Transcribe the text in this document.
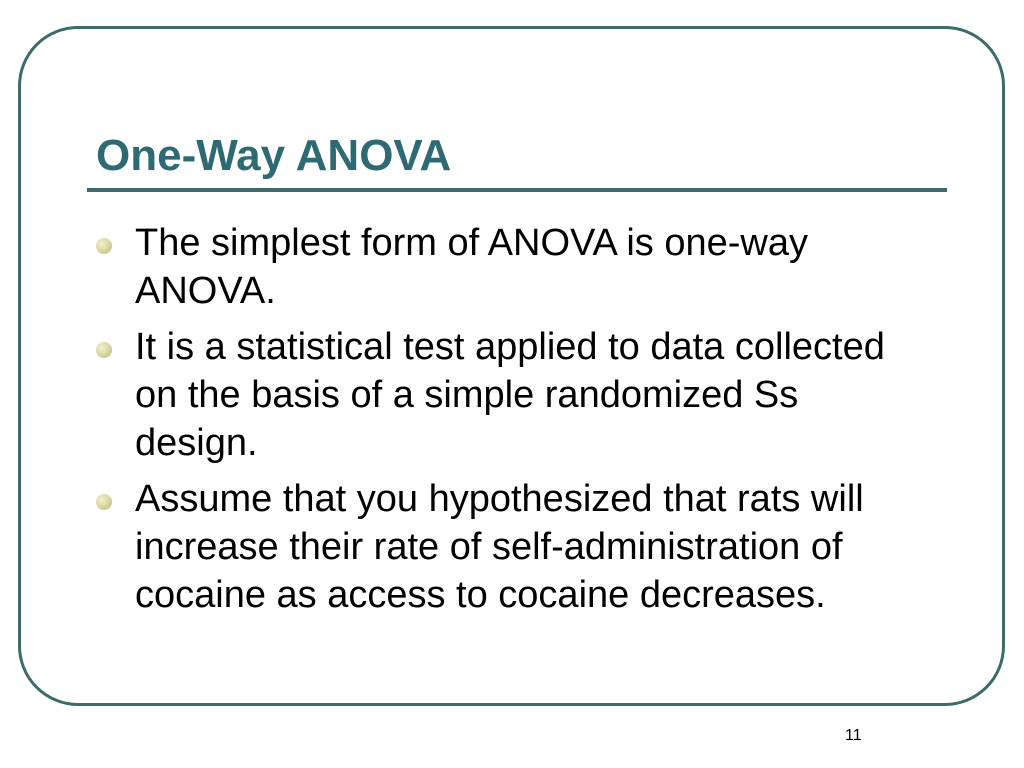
One-Way ANOVA
The simplest form of ANOVA is one-way ANOVA.
It is a statistical test applied to data collected on the basis of a simple randomized Ss design.
Assume that you hypothesized that rats will increase their rate of self-administration of cocaine as access to cocaine decreases.
11
